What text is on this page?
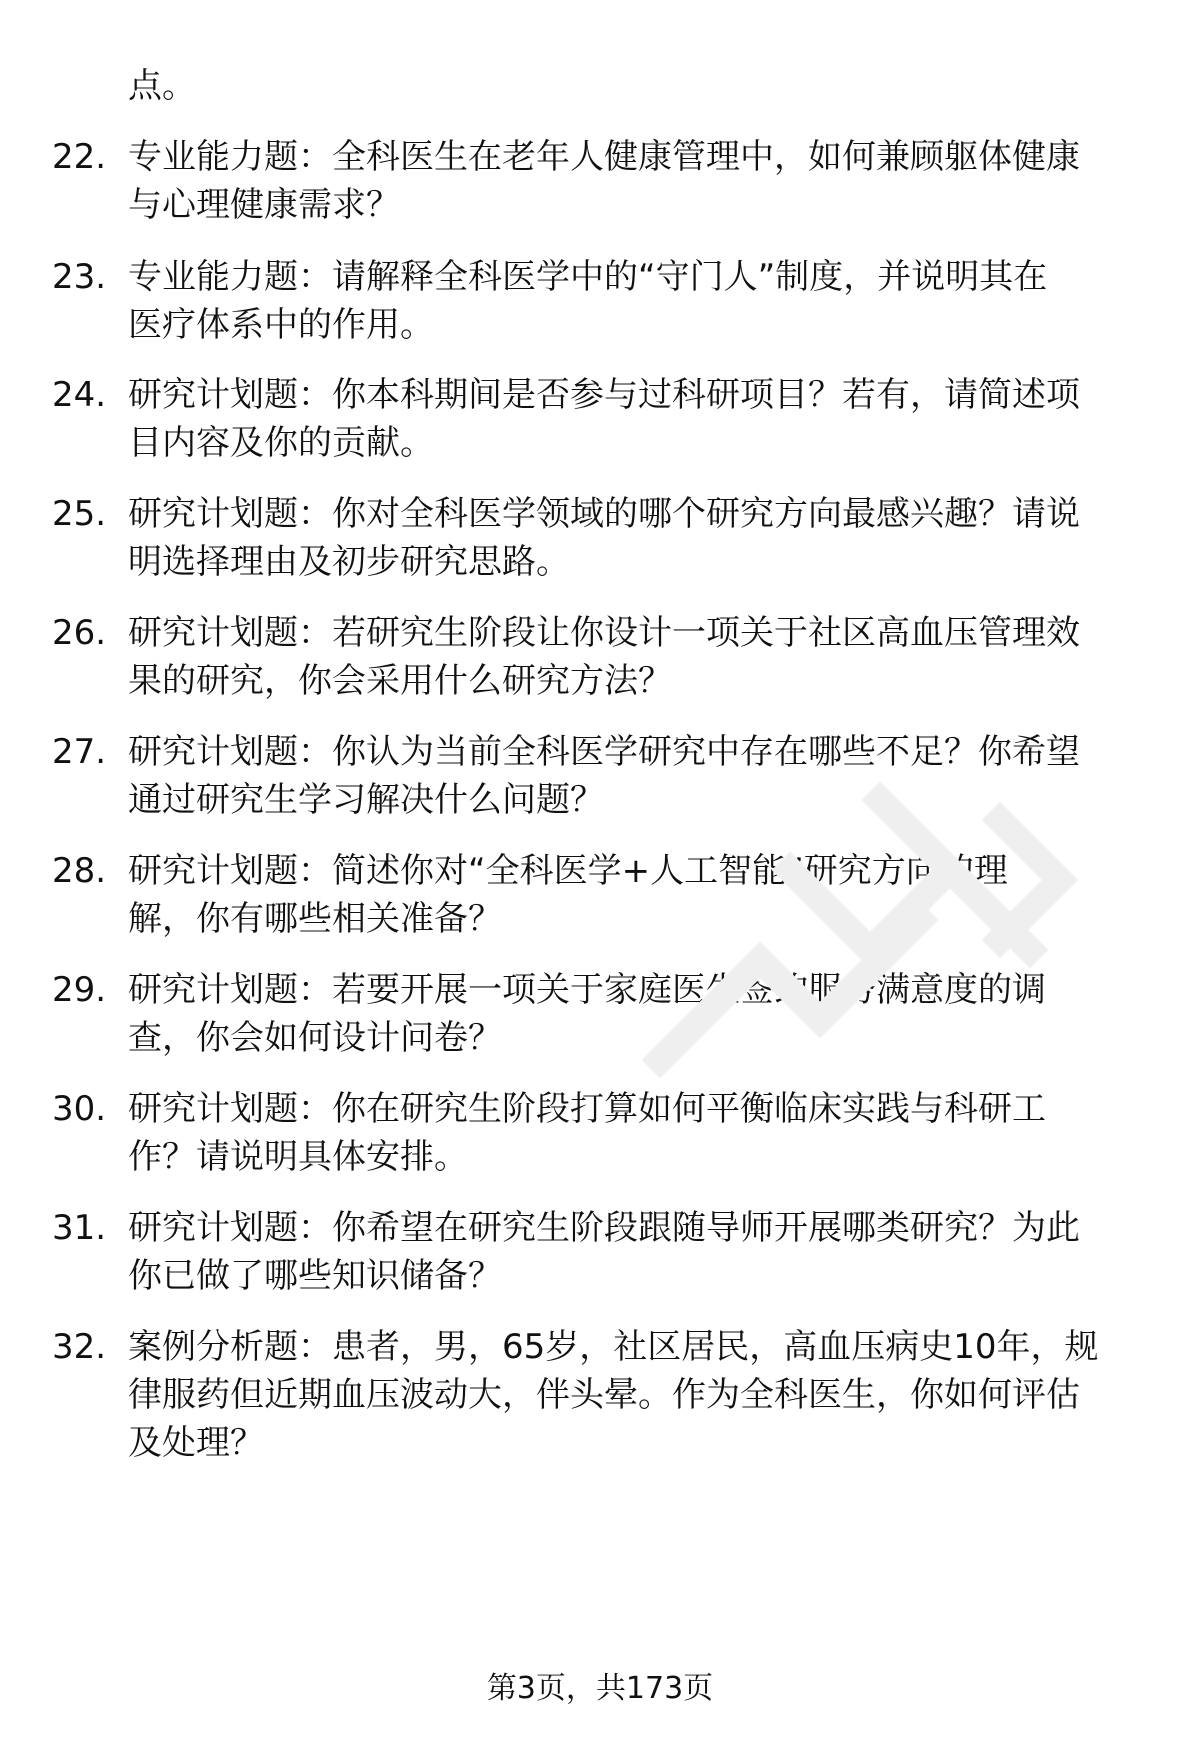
点。
22. 专业能力题：全科医生在老年人健康管理中，如何兼顾躯体健康
与心理健康需求？
23. 专业能力题：请解释全科医学中的“守门人”制度，并说明其在
医疗体系中的作用。
24. 研究计划题：你本科期间是否参与过科研项目？若有，请简述项
目内容及你的贡献。
25. 研究计划题：你对全科医学领域的哪个研究方向最感兴趣？请说
明选择理由及初步研究思路。
26. 研究计划题：若研究生阶段让你设计一项关于社区高血压管理效
果的研究，你会采用什么研究方法？
27. 研究计划题：你认为当前全科医学研究中存在哪些不足？你希望
通过研究生学习解决什么问题？
28. 研究计划题：简述你对“全科医学+人工智能”研究方向的理
解，你有哪些相关准备？
29. 研究计划题：若要开展一项关于家庭医生签约服务满意度的调
查，你会如何设计问卷？
30. 研究计划题：你在研究生阶段打算如何平衡临床实践与科研工
作？请说明具体安排。
31. 研究计划题：你希望在研究生阶段跟随导师开展哪类研究？为此
你已做了哪些知识储备？
32. 案例分析题：患者，男，65岁，社区居民，高血压病史10年，规
律服药但近期血压波动大，伴头晕。作为全科医生，你如何评估
及处理？
第3页，共173页
